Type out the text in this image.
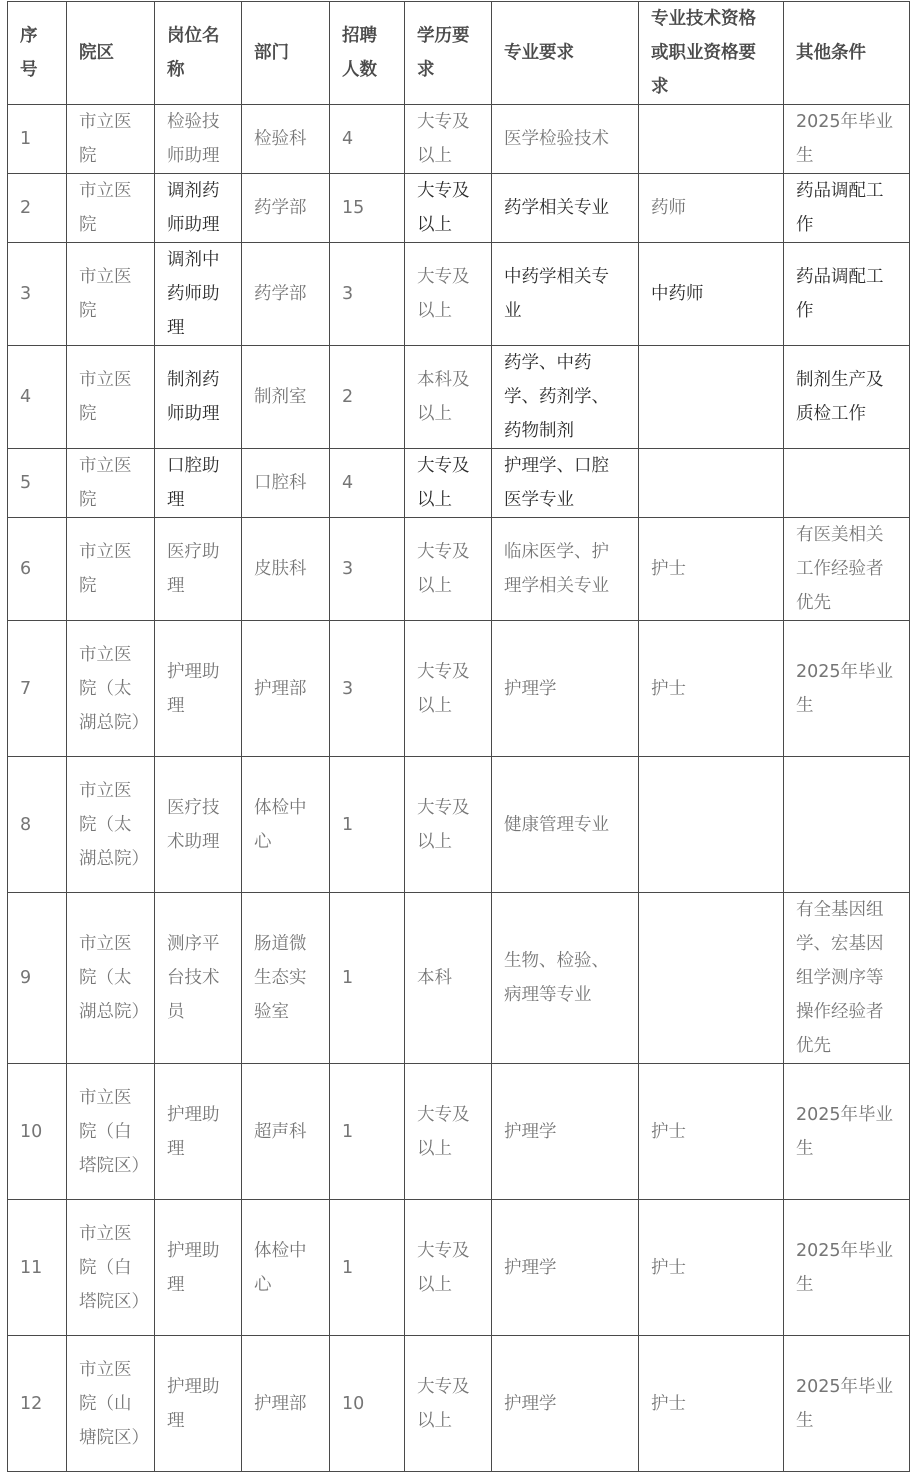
序号	院区	岗位名称	部门	招聘人数	学历要求	专业要求	专业技术资格或职业资格要求	其他条件
1	市立医院	检验技师助理	检验科	4	大专及以上	医学检验技术		2025年毕业生
2	市立医院	调剂药师助理	药学部	15	大专及以上	药学相关专业	药师	药品调配工作
3	市立医院	调剂中药师助理	药学部	3	大专及以上	中药学相关专业	中药师	药品调配工作
4	市立医院	制剂药师助理	制剂室	2	本科及以上	药学、中药学、药剂学、药物制剂		制剂生产及质检工作
5	市立医院	口腔助理	口腔科	4	大专及以上	护理学、口腔医学专业		
6	市立医院	医疗助理	皮肤科	3	大专及以上	临床医学、护理学相关专业	护士	有医美相关工作经验者优先
7	市立医院（太湖总院）	护理助理	护理部	3	大专及以上	护理学	护士	2025年毕业生
8	市立医院（太湖总院）	医疗技术助理	体检中心	1	大专及以上	健康管理专业		
9	市立医院（太湖总院）	测序平台技术员	肠道微生态实验室	1	本科	生物、检验、病理等专业		有全基因组学、宏基因组学测序等操作经验者优先
10	市立医院（白塔院区）	护理助理	超声科	1	大专及以上	护理学	护士	2025年毕业生
11	市立医院（白塔院区）	护理助理	体检中心	1	大专及以上	护理学	护士	2025年毕业生
12	市立医院（山塘院区）	护理助理	护理部	10	大专及以上	护理学	护士	2025年毕业生
